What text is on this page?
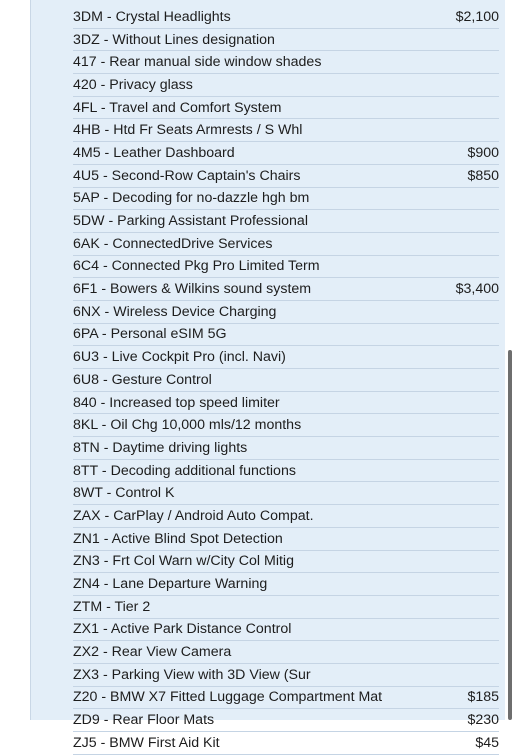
3DM - Crystal Headlights	$2,100
3DZ - Without Lines designation
417 - Rear manual side window shades
420 - Privacy glass
4FL - Travel and Comfort System
4HB - Htd Fr Seats Armrests / S Whl
4M5 - Leather Dashboard	$900
4U5 - Second-Row Captain's Chairs	$850
5AP - Decoding for no-dazzle hgh bm
5DW - Parking Assistant Professional
6AK - ConnectedDrive Services
6C4 - Connected Pkg Pro Limited Term
6F1 - Bowers & Wilkins sound system	$3,400
6NX - Wireless Device Charging
6PA - Personal eSIM 5G
6U3 - Live Cockpit Pro (incl. Navi)
6U8 - Gesture Control
840 - Increased top speed limiter
8KL - Oil Chg 10,000 mls/12 months
8TN - Daytime driving lights
8TT - Decoding additional functions
8WT - Control K
ZAX - CarPlay / Android Auto Compat.
ZN1 - Active Blind Spot Detection
ZN3 - Frt Col Warn w/City Col Mitig
ZN4 - Lane Departure Warning
ZTM - Tier 2
ZX1 - Active Park Distance Control
ZX2 - Rear View Camera
ZX3 - Parking View with 3D View (Sur
Z20 - BMW X7 Fitted Luggage Compartment Mat	$185
ZD9 - Rear Floor Mats	$230
ZJ5 - BMW First Aid Kit	$45
